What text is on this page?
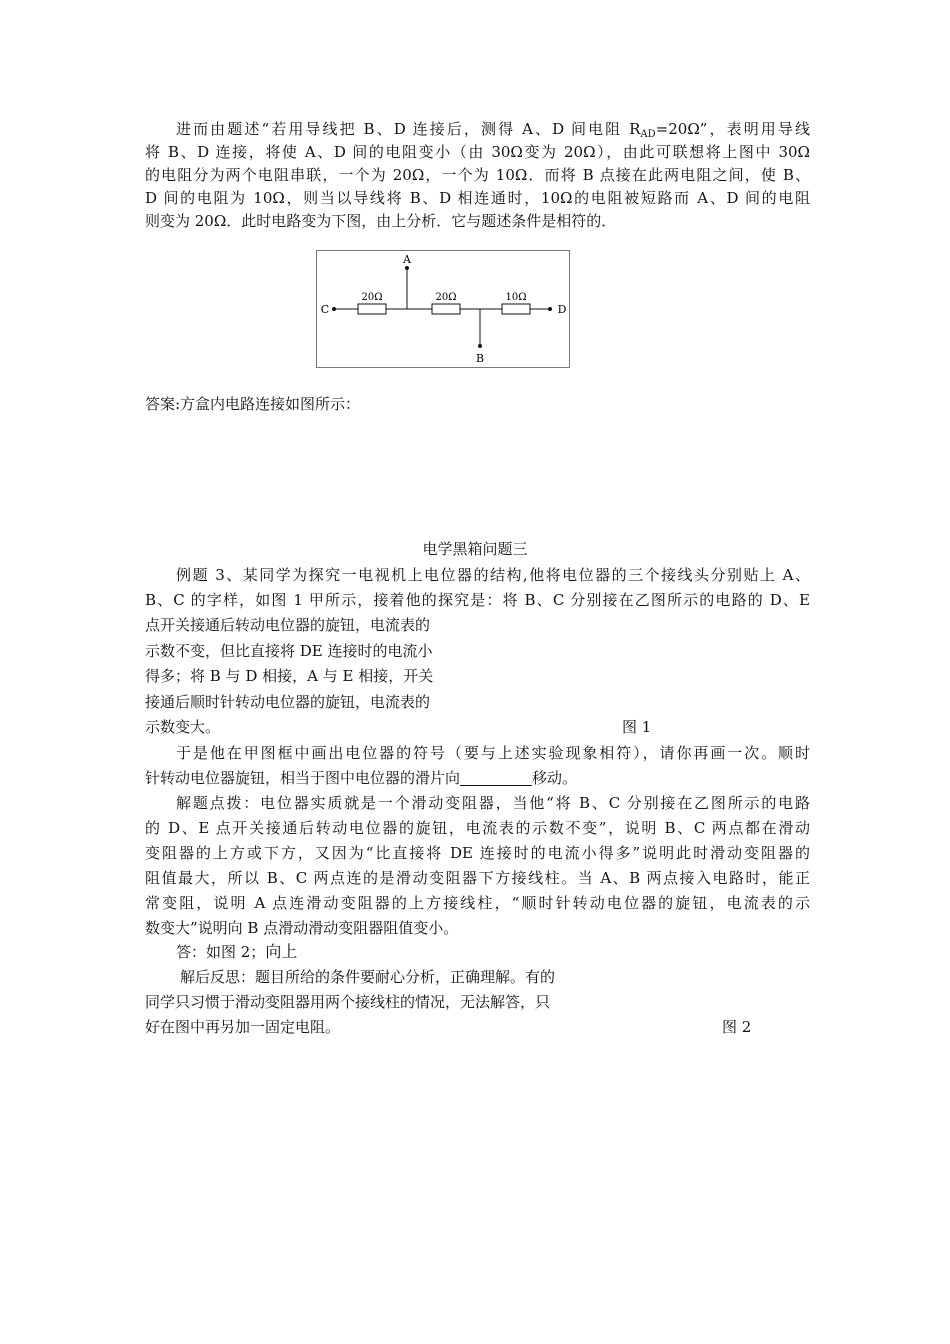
进而由题述“若用导线把 B、D 连接后，测得 A、D 间电阻 $R_{AD}=20\Omega$”，表明用导线
将 B、D 连接，将使 A、D 间的电阻变小（由 30Ω变为 20Ω），由此可联想将上图中 30Ω
的电阻分为两个电阻串联，一个为 20Ω，一个为 10Ω．而将 B 点接在此两电阻之间，使 B、
D 间的电阻为 10Ω，则当以导线将 B、D 相连通时，10Ω的电阻被短路而 A、D 间的电阻
则变为 20Ω．此时电路变为下图，由上分析．它与题述条件是相符的．
A
B
C	D
20Ω	20Ω	10Ω
答案:方盒内电路连接如图所示：
电学黑箱问题三
例题 3、某同学为探究一电视机上电位器的结构,他将电位器的三个接线头分别贴上 A、
B、C 的字样，如图 1 甲所示，接着他的探究是：将 B、C 分别接在乙图所示的电路的 D、E
点开关接通后转动电位器的旋钮，电流表的
示数不变，但比直接将 DE 连接时的电流小
得多；将 B 与 D 相接，A 与 E 相接，开关
接通后顺时针转动电位器的旋钮，电流表的
示数变大。	图 1
于是他在甲图框中画出电位器的符号（要与上述实验现象相符），请你再画一次。顺时
针转动电位器旋钮，相当于图中电位器的滑片向	移动。
解题点拨：电位器实质就是一个滑动变阻器，当他“将 B、C 分别接在乙图所示的电路
的 D、E 点开关接通后转动电位器的旋钮，电流表的示数不变”，说明 B、C 两点都在滑动
变阻器的上方或下方，又因为“比直接将 DE 连接时的电流小得多”说明此时滑动变阻器的
阻值最大，所以 B、C 两点连的是滑动变阻器下方接线柱。当 A、B 两点接入电路时，能正
常变阻，说明 A 点连滑动变阻器的上方接线柱，“顺时针转动电位器的旋钮，电流表的示
数变大”说明向 B 点滑动滑动变阻器阻值变小。
答：如图 2；向上
解后反思：题目所给的条件要耐心分析，正确理解。有的
同学只习惯于滑动变阻器用两个接线柱的情况，无法解答，只
好在图中再另加一固定电阻。	图 2
